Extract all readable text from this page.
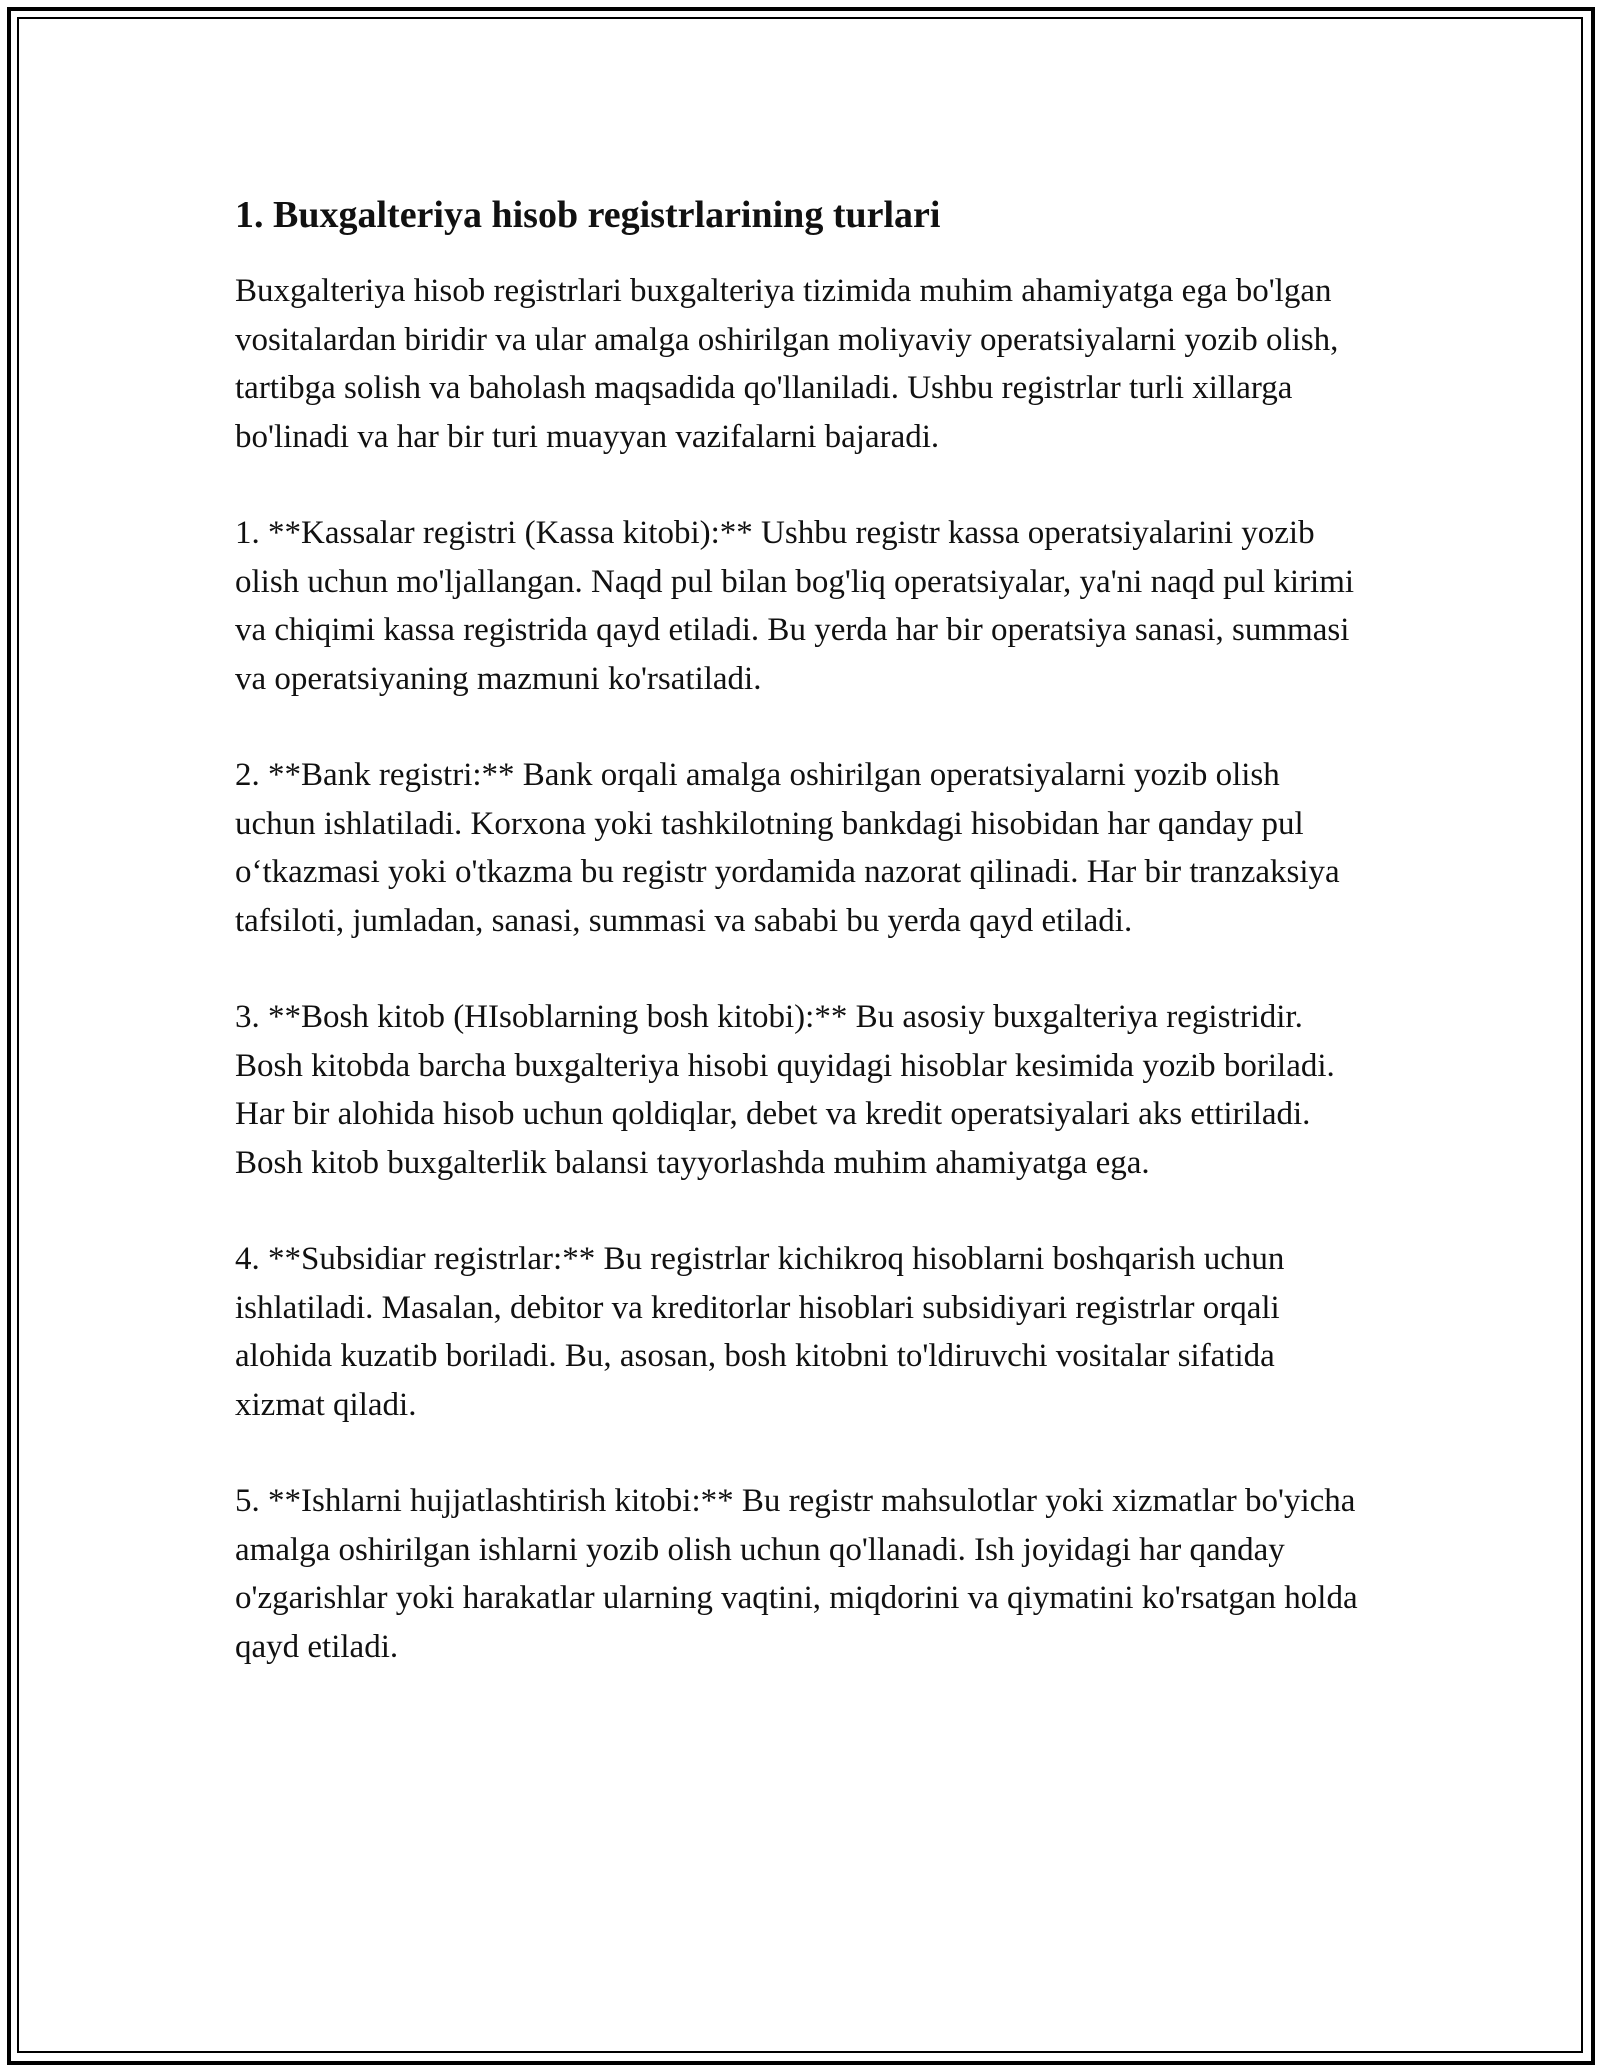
1. Buxgalteriya hisob registrlarining turlari

Buxgalteriya hisob registrlari buxgalteriya tizimida muhim ahamiyatga ega bo'lgan vositalardan biridir va ular amalga oshirilgan moliyaviy operatsiyalarni yozib olish, tartibga solish va baholash maqsadida qo'llaniladi. Ushbu registrlar turli xillarga bo'linadi va har bir turi muayyan vazifalarni bajaradi.

1. **Kassalar registri (Kassa kitobi):** Ushbu registr kassa operatsiyalarini yozib olish uchun mo'ljallangan. Naqd pul bilan bog'liq operatsiyalar, ya'ni naqd pul kirimi va chiqimi kassa registrida qayd etiladi. Bu yerda har bir operatsiya sanasi, summasi va operatsiyaning mazmuni ko'rsatiladi.

2. **Bank registri:** Bank orqali amalga oshirilgan operatsiyalarni yozib olish uchun ishlatiladi. Korxona yoki tashkilotning bankdagi hisobidan har qanday pul o‘tkazmasi yoki o'tkazma bu registr yordamida nazorat qilinadi. Har bir tranzaksiya tafsiloti, jumladan, sanasi, summasi va sababi bu yerda qayd etiladi.

3. **Bosh kitob (HIsoblarning bosh kitobi):** Bu asosiy buxgalteriya registridir. Bosh kitobda barcha buxgalteriya hisobi quyidagi hisoblar kesimida yozib boriladi. Har bir alohida hisob uchun qoldiqlar, debet va kredit operatsiyalari aks ettiriladi. Bosh kitob buxgalterlik balansi tayyorlashda muhim ahamiyatga ega.

4. **Subsidiar registrlar:** Bu registrlar kichikroq hisoblarni boshqarish uchun ishlatiladi. Masalan, debitor va kreditorlar hisoblari subsidiyari registrlar orqali alohida kuzatib boriladi. Bu, asosan, bosh kitobni to'ldiruvchi vositalar sifatida xizmat qiladi.

5. **Ishlarni hujjatlashtirish kitobi:** Bu registr mahsulotlar yoki xizmatlar bo'yicha amalga oshirilgan ishlarni yozib olish uchun qo'llanadi. Ish joyidagi har qanday o'zgarishlar yoki harakatlar ularning vaqtini, miqdorini va qiymatini ko'rsatgan holda qayd etiladi.
